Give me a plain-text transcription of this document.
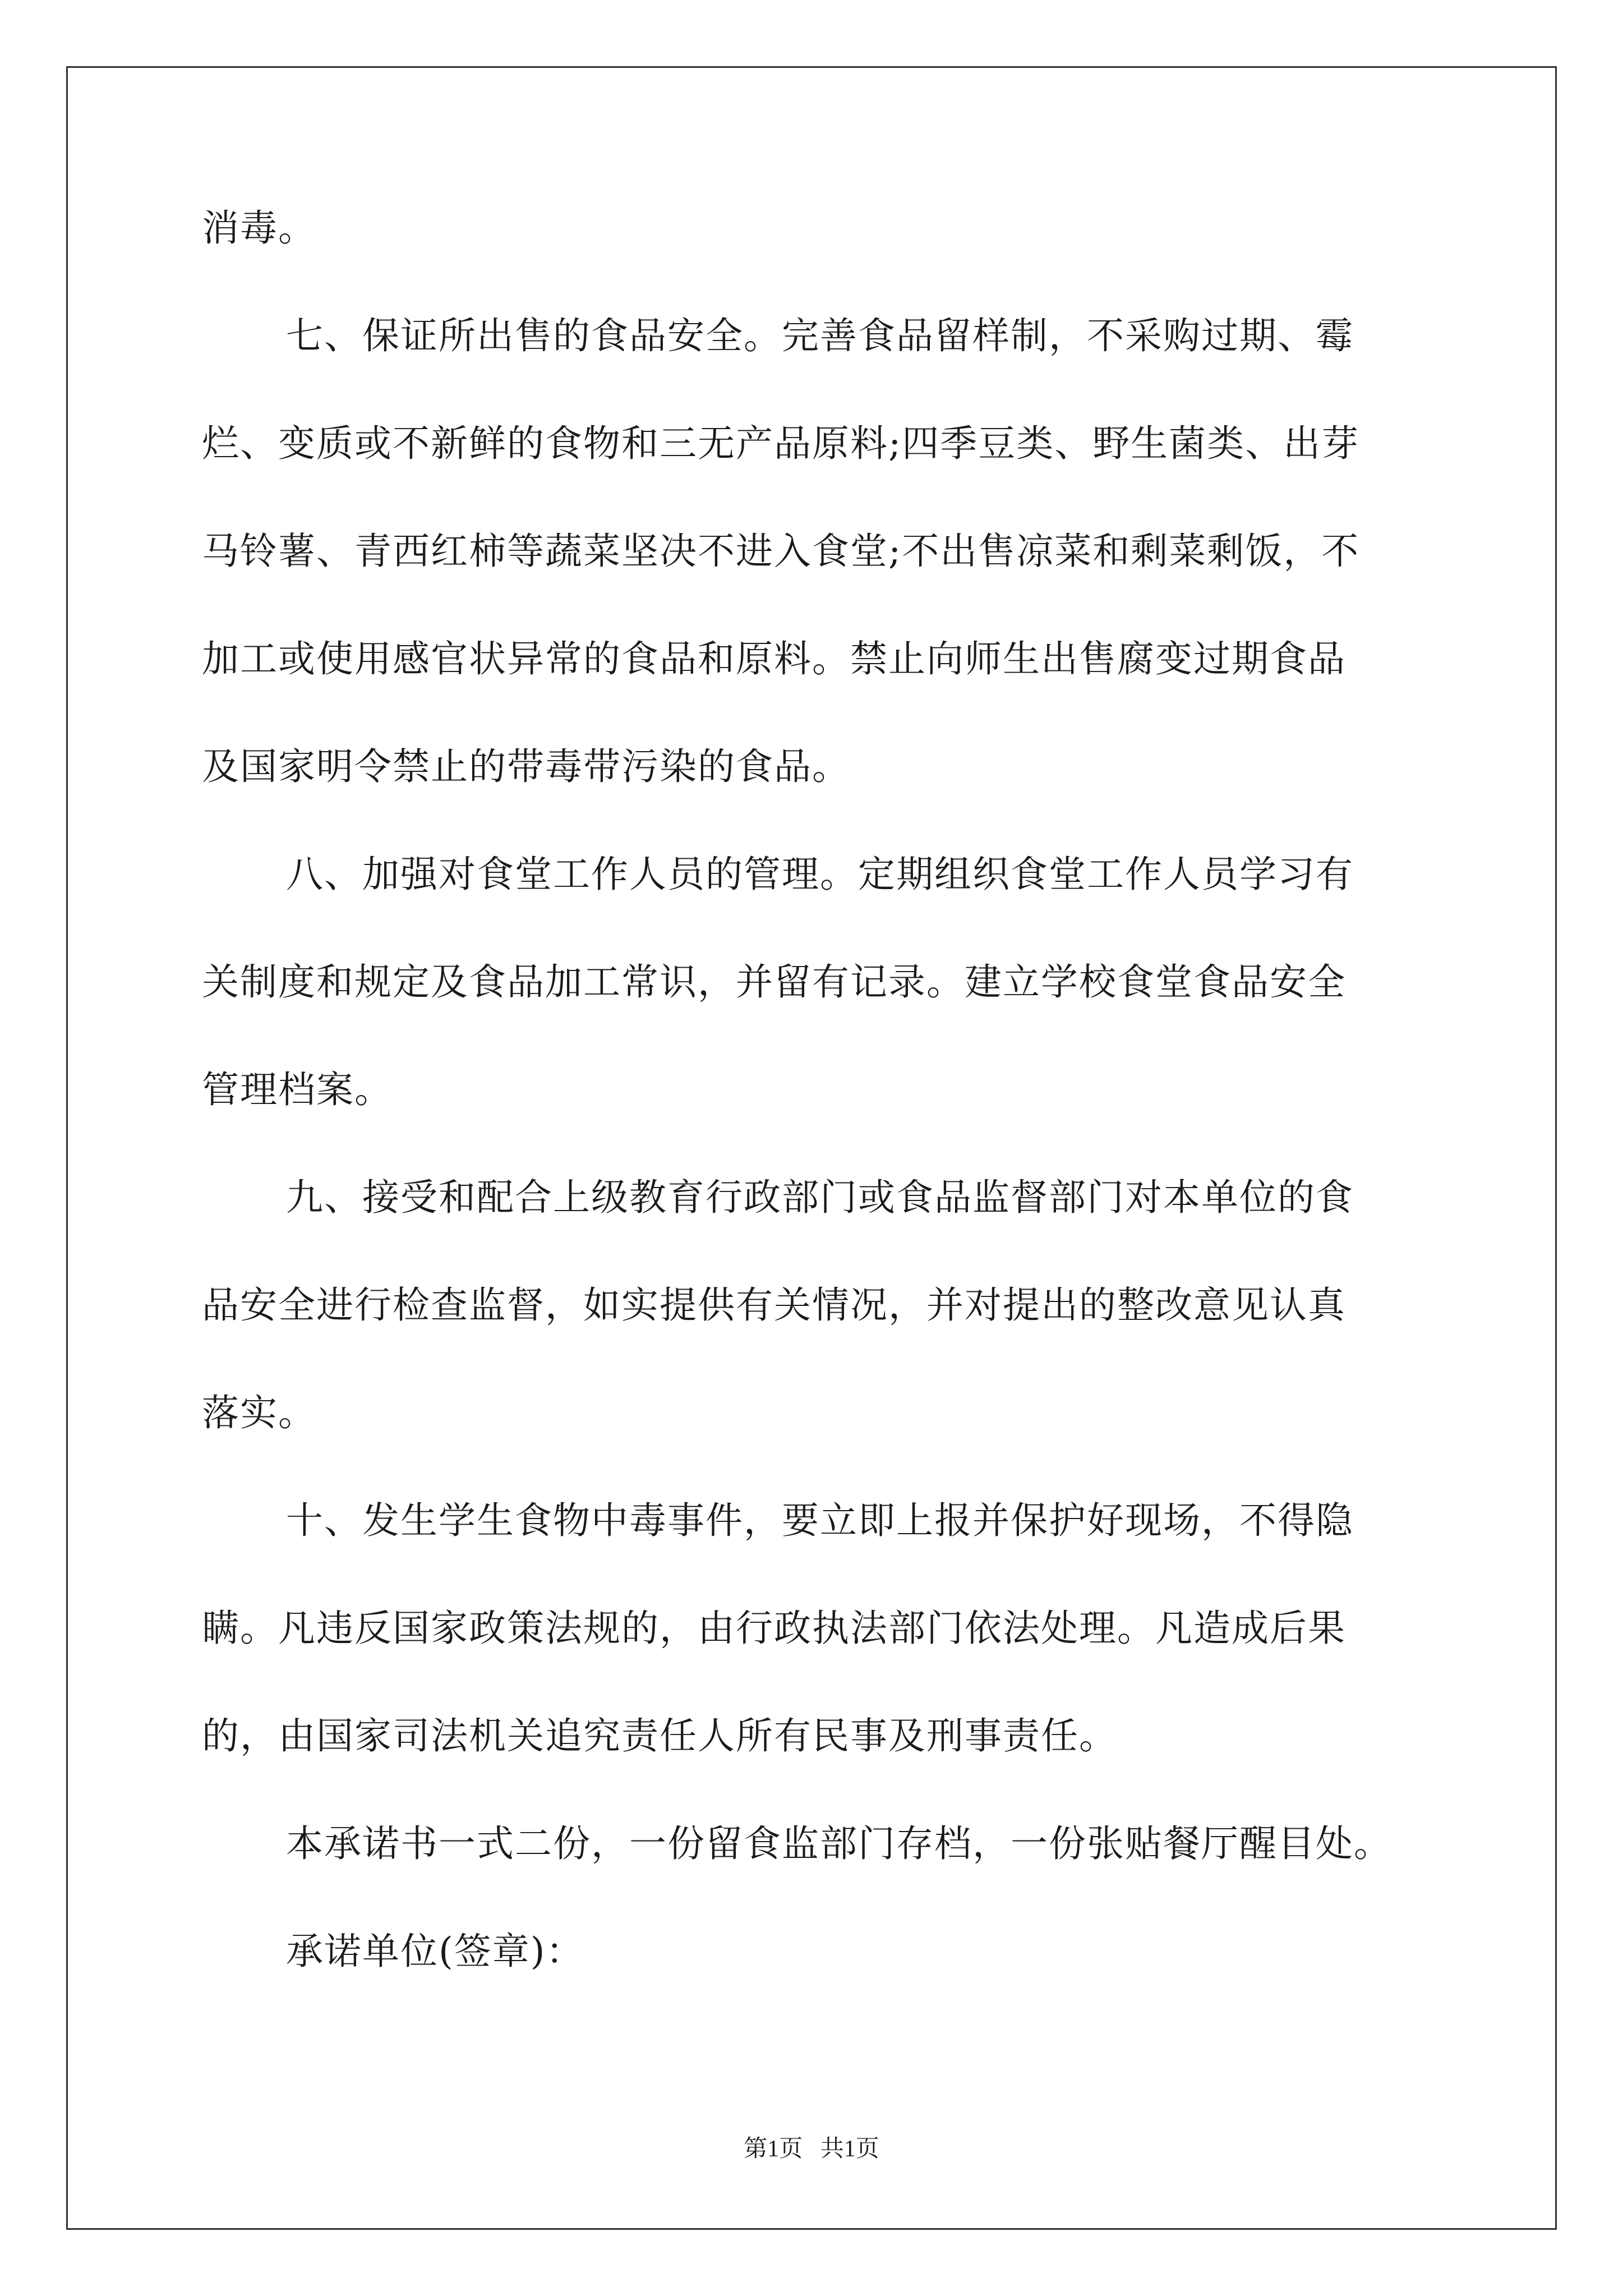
消毒。
七、保证所出售的食品安全。完善食品留样制，不采购过期、霉
烂、变质或不新鲜的食物和三无产品原料;四季豆类、野生菌类、出芽
马铃薯、青西红柿等蔬菜坚决不进入食堂;不出售凉菜和剩菜剩饭，不
加工或使用感官状异常的食品和原料。禁止向师生出售腐变过期食品
及国家明令禁止的带毒带污染的食品。
八、加强对食堂工作人员的管理。定期组织食堂工作人员学习有
关制度和规定及食品加工常识，并留有记录。建立学校食堂食品安全
管理档案。
九、接受和配合上级教育行政部门或食品监督部门对本单位的食
品安全进行检查监督，如实提供有关情况，并对提出的整改意见认真
落实。
十、发生学生食物中毒事件，要立即上报并保护好现场，不得隐
瞒。凡违反国家政策法规的，由行政执法部门依法处理。凡造成后果
的，由国家司法机关追究责任人所有民事及刑事责任。
本承诺书一式二份，一份留食监部门存档，一份张贴餐厅醒目处。
承诺单位(签章)：
第1页   共1页
